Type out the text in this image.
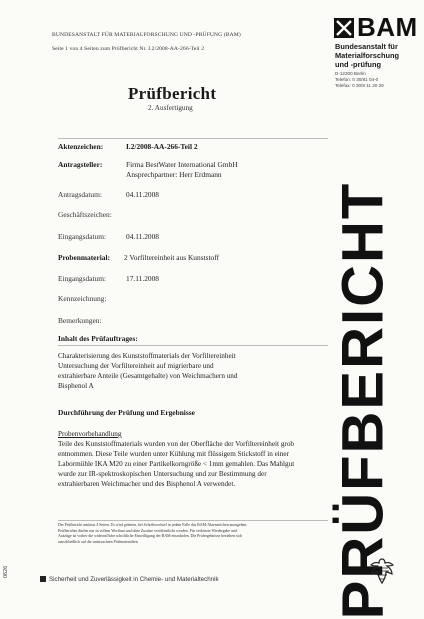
BUNDESANSTALT FÜR MATERIALFORSCHUNG UND -PRÜFUNG (BAM)
Seite 1 von 4 Seiten zum Prüfbericht Nr. I.2/2008-AA-266-Teil 2
BAM
Bundesanstalt für
Materialforschung
und -prüfung
D-12200 Berlin
Telefon: 0 30/81 04-0
Telefax: 0 30/8 11 20 29
Prüfbericht
2. Ausfertigung
Aktenzeichen:	I.2/2008-AA-266-Teil 2
Antragsteller:	Firma BestWater International GmbH
Ansprechpartner: Herr Erdmann
Antragsdatum:	04.11.2008
Geschäftszeichen:
Eingangsdatum:	04.11.2008
Probenmaterial: 2 Vorfiltereinheit aus Kunststoff
Eingangsdatum:	17.11.2008
Kennzeichnung:
Bemerkungen:
Inhalt des Prüfauftrages:
Charakterisierung des Kunststoffmaterials der Vorfiltereinheit
Untersuchung der Vorfiltereinheit auf migrierbare und
extrahierbare Anteile (Gesamtgehalte) von Weichmachern und
Bisphenol A
Durchführung der Prüfung und Ergebnisse
Probenvorbehandlung
Teile des Kunststoffmaterials wurden von der Oberfläche der Vorfiltereinheit grob
entnommen. Diese Teile wurden unter Kühlung mit flüssigem Stickstoff in einer
Labormühle IKA M20 zu einer Partikelkorngröße < 1mm gemahlen. Das Mahlgut
wurde zur IR-spektroskopischen Untersuchung und zur Bestimmung der
extrahierbaren Weichmacher und des Bisphenol A verwendet. PRÜFBERICHT
Der Prüfbericht umfasst 4 Seiten. Es wird gebeten, bei Schriftwechsel in jedem Falle das BAM-Aktenzeichen anzugeben.
Prüfberichte dürfen nur in vollem Wortlaut und ohne Zusätze veröffentlicht werden. Für verkürzte Wiedergabe und
Auszüge ist vorher die widerrufliche schriftliche Einwilligung der BAM einzuholen. Die Prüfergebnisse beziehen sich
ausschließlich auf die untersuchten Prüfmaterialien
0626
Sicherheit und Zuverlässigkeit in Chemie- und Materialtechnik
